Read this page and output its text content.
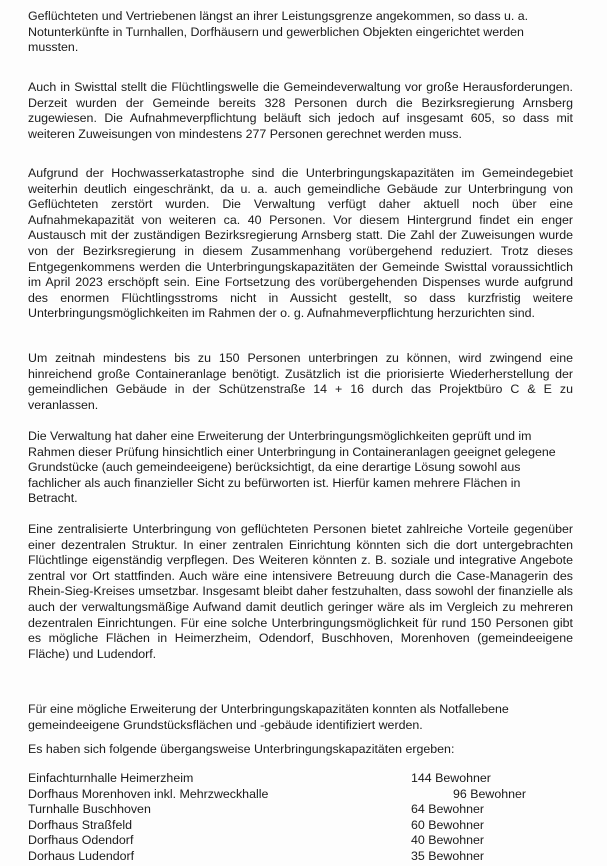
Geflüchteten und Vertriebenen längst an ihrer Leistungsgrenze angekommen, so dass u. a. Notunterkünfte in Turnhallen, Dorfhäusern und gewerblichen Objekten eingerichtet werden mussten.

Auch in Swisttal stellt die Flüchtlingswelle die Gemeindeverwaltung vor große Herausforderungen. Derzeit wurden der Gemeinde bereits 328 Personen durch die Bezirksregierung Arnsberg zugewiesen. Die Aufnahmeverpflichtung beläuft sich jedoch auf insgesamt 605, so dass mit weiteren Zuweisungen von mindestens 277 Personen gerechnet werden muss.

Aufgrund der Hochwasserkatastrophe sind die Unterbringungskapazitäten im Gemeindegebiet weiterhin deutlich eingeschränkt, da u. a. auch gemeindliche Gebäude zur Unterbringung von Geflüchteten zerstört wurden. Die Verwaltung verfügt daher aktuell noch über eine Aufnahmekapazität von weiteren ca. 40 Personen. Vor diesem Hintergrund findet ein enger Austausch mit der zuständigen Bezirksregierung Arnsberg statt. Die Zahl der Zuweisungen wurde von der Bezirksregierung in diesem Zusammenhang vorübergehend reduziert. Trotz dieses Entgegenkommens werden die Unterbringungskapazitäten der Gemeinde Swisttal voraussichtlich im April 2023 erschöpft sein. Eine Fortsetzung des vorübergehenden Dispenses wurde aufgrund des enormen Flüchtlingsstroms nicht in Aussicht gestellt, so dass kurzfristig weitere Unterbringungsmöglichkeiten im Rahmen der o. g. Aufnahmeverpflichtung herzurichten sind.

Um zeitnah mindestens bis zu 150 Personen unterbringen zu können, wird zwingend eine hinreichend große Containeranlage benötigt. Zusätzlich ist die priorisierte Wiederherstellung der gemeindlichen Gebäude in der Schützenstraße 14 + 16 durch das Projektbüro C & E zu veranlassen.

Die Verwaltung hat daher eine Erweiterung der Unterbringungsmöglichkeiten geprüft und im Rahmen dieser Prüfung hinsichtlich einer Unterbringung in Containeranlagen geeignet gelegene Grundstücke (auch gemeindeeigene) berücksichtigt, da eine derartige Lösung sowohl aus fachlicher als auch finanzieller Sicht zu befürworten ist. Hierfür kamen mehrere Flächen in Betracht.

Eine zentralisierte Unterbringung von geflüchteten Personen bietet zahlreiche Vorteile gegenüber einer dezentralen Struktur. In einer zentralen Einrichtung könnten sich die dort untergebrachten Flüchtlinge eigenständig verpflegen. Des Weiteren könnten z. B. soziale und integrative Angebote zentral vor Ort stattfinden. Auch wäre eine intensivere Betreuung durch die Case-Managerin des Rhein-Sieg-Kreises umsetzbar. Insgesamt bleibt daher festzuhalten, dass sowohl der finanzielle als auch der verwaltungsmäßige Aufwand damit deutlich geringer wäre als im Vergleich zu mehreren dezentralen Einrichtungen. Für eine solche Unterbringungsmöglichkeit für rund 150 Personen gibt es mögliche Flächen in Heimerzheim, Odendorf, Buschhoven, Morenhoven (gemeindeeigene Fläche) und Ludendorf.

Für eine mögliche Erweiterung der Unterbringungskapazitäten konnten als Notfallebene gemeindeeigene Grundstücksflächen und -gebäude identifiziert werden.

Es haben sich folgende übergangsweise Unterbringungskapazitäten ergeben:

Einfachturnhalle Heimerzheim	144 Bewohner
Dorfhaus Morenhoven inkl. Mehrzweckhalle	96 Bewohner
Turnhalle Buschhoven	64 Bewohner
Dorfhaus Straßfeld	60 Bewohner
Dorfhaus Odendorf	40 Bewohner
Dorhaus Ludendorf	35 Bewohner
